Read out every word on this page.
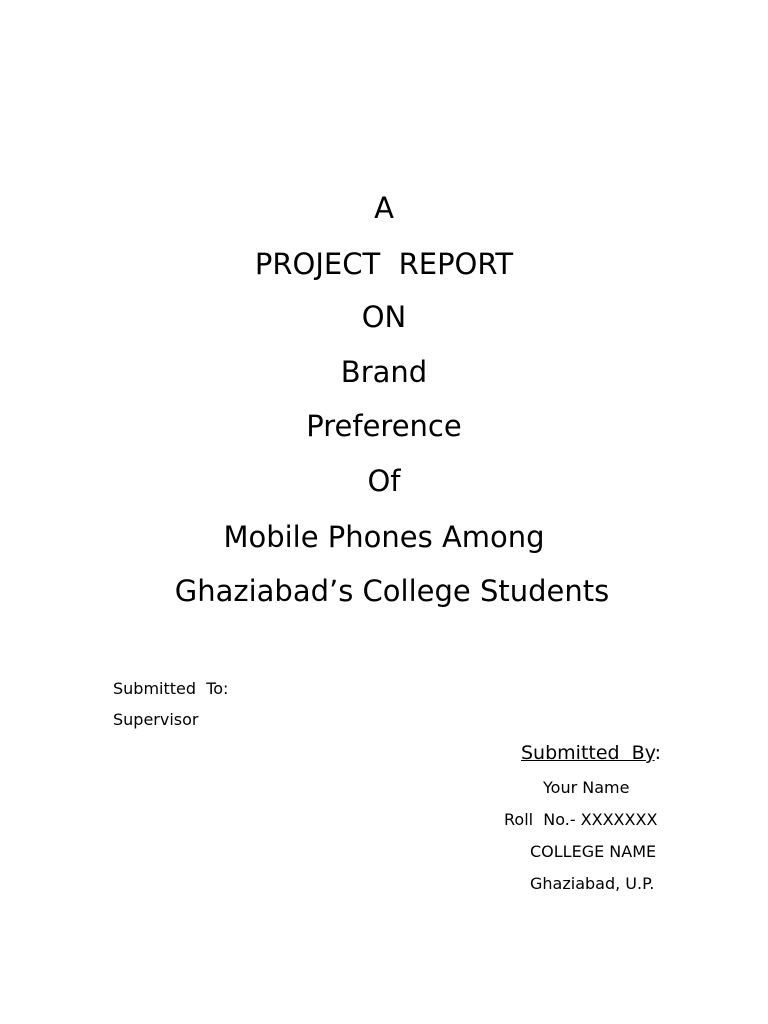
A
PROJECT  REPORT
ON
Brand
Preference
Of
Mobile Phones Among
Ghaziabad’s College Students
Submitted  To:
Supervisor
Submitted  By:
Your Name
Roll  No.- XXXXXXX
COLLEGE NAME
Ghaziabad, U.P.
